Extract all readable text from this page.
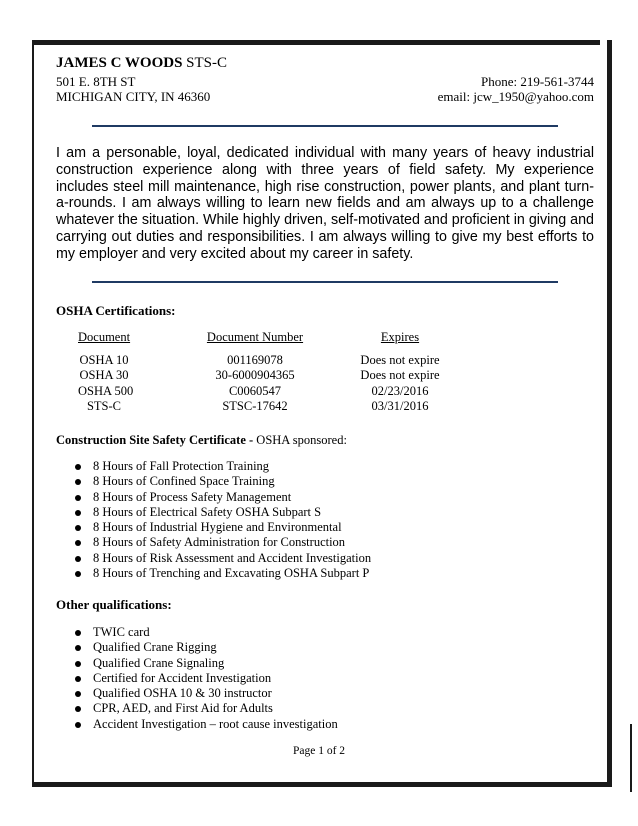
JAMES C WOODS STS-C
501 E. 8TH ST
MICHIGAN CITY, IN 46360
Phone: 219-561-3744
email: jcw_1950@yahoo.com
I am a personable, loyal, dedicated individual with many years of heavy industrial construction experience along with three years of field safety. My experience includes steel mill maintenance, high rise construction, power plants, and plant turn-a-rounds. I am always willing to learn new fields and am always up to a challenge whatever the situation. While highly driven, self-motivated and proficient in giving and carrying out duties and responsibilities. I am always willing to give my best efforts to my employer and very excited about my career in safety.
OSHA Certifications:
Document
OSHA 10
OSHA 30
OSHA 500
STS-C
Document Number
001169078
30-6000904365
C0060547
STSC-17642
Expires
Does not expire
Does not expire
02/23/2016
03/31/2016
Construction Site Safety Certificate - OSHA sponsored:
8 Hours of Fall Protection Training
8 Hours of Confined Space Training
8 Hours of Process Safety Management
8 Hours of Electrical Safety OSHA Subpart S
8 Hours of Industrial Hygiene and Environmental
8 Hours of Safety Administration for Construction
8 Hours of Risk Assessment and Accident Investigation
8 Hours of Trenching and Excavating OSHA Subpart P
Other qualifications:
TWIC card
Qualified Crane Rigging
Qualified Crane Signaling
Certified for Accident Investigation
Qualified OSHA 10 & 30 instructor
CPR, AED, and First Aid for Adults
Accident Investigation – root cause investigation
Page 1 of 2
